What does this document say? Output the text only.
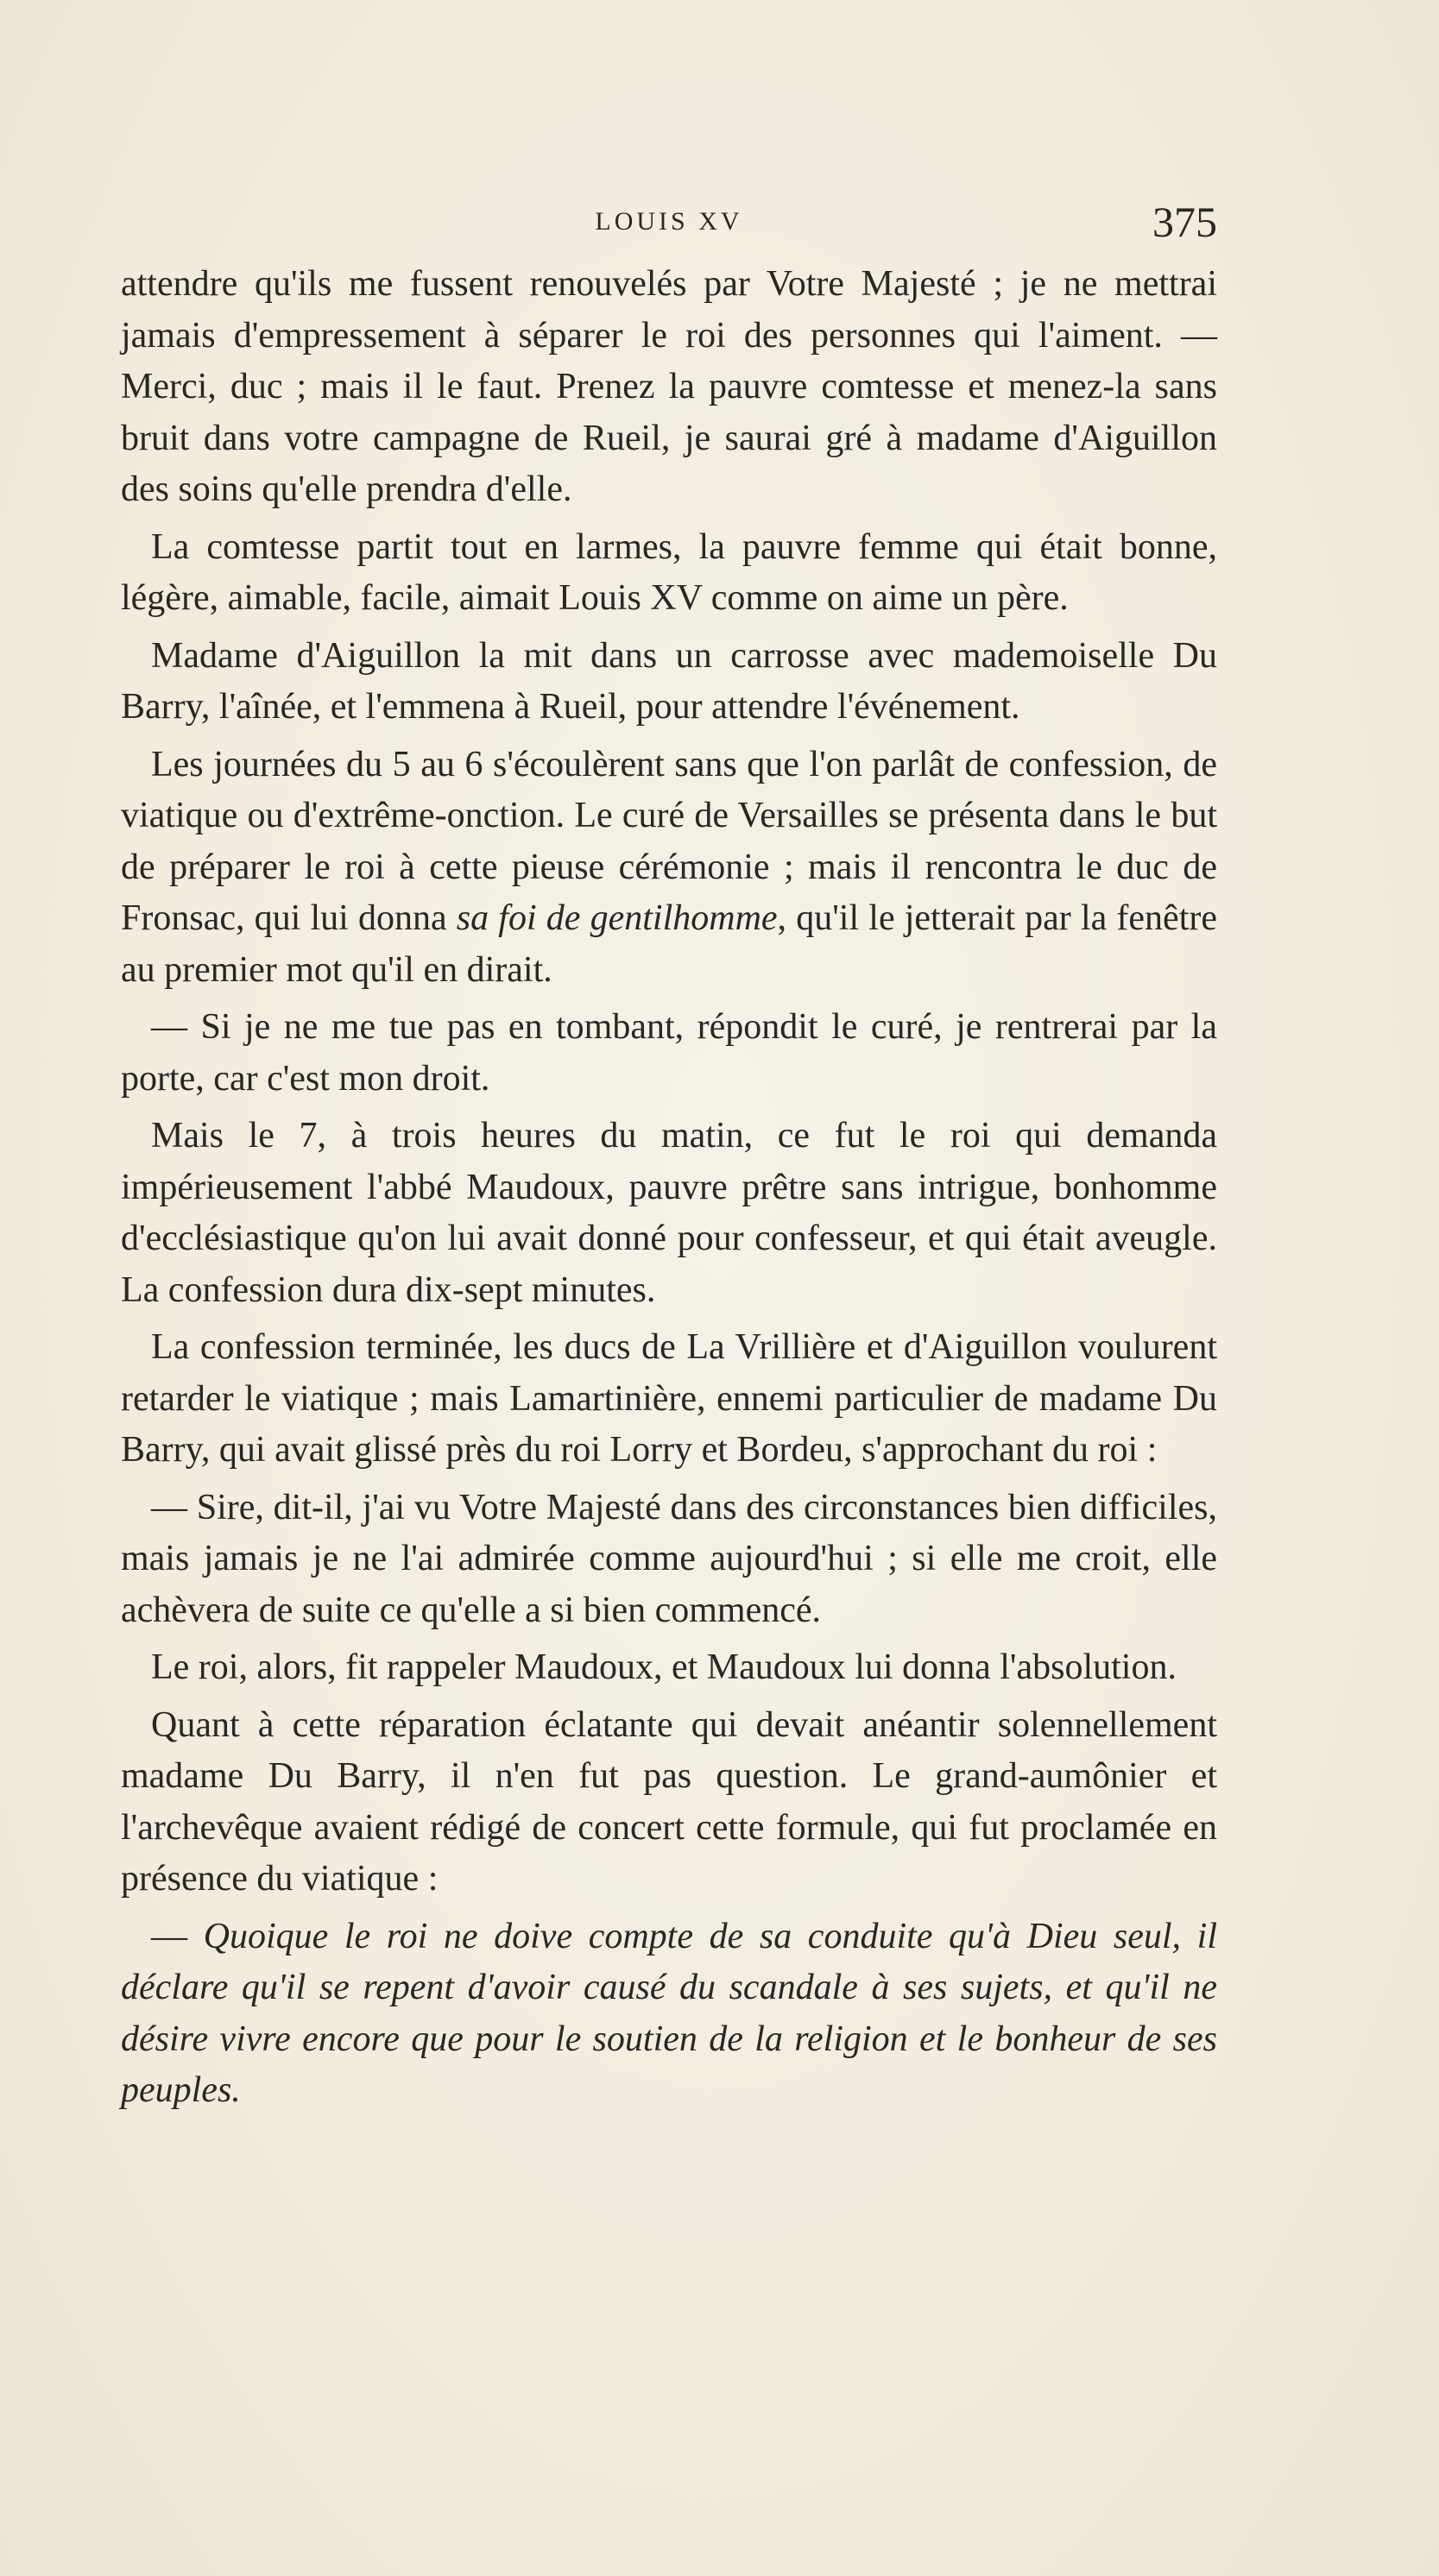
LOUIS XV	375

attendre qu'ils me fussent renouvelés par Votre Majesté ; je ne mettrai jamais d'empressement à séparer le roi des personnes qui l'aiment. — Merci, duc ; mais il le faut. Prenez la pauvre comtesse et menez-la sans bruit dans votre campagne de Rueil, je saurai gré à madame d'Aiguillon des soins qu'elle prendra d'elle.

La comtesse partit tout en larmes, la pauvre femme qui était bonne, légère, aimable, facile, aimait Louis XV comme on aime un père.

Madame d'Aiguillon la mit dans un carrosse avec mademoiselle Du Barry, l'aînée, et l'emmena à Rueil, pour attendre l'événement.

Les journées du 5 au 6 s'écoulèrent sans que l'on parlât de confession, de viatique ou d'extrême-onction. Le curé de Versailles se présenta dans le but de préparer le roi à cette pieuse cérémonie ; mais il rencontra le duc de Fronsac, qui lui donna sa foi de gentilhomme, qu'il le jetterait par la fenêtre au premier mot qu'il en dirait.

— Si je ne me tue pas en tombant, répondit le curé, je rentrerai par la porte, car c'est mon droit.

Mais le 7, à trois heures du matin, ce fut le roi qui demanda impérieusement l'abbé Maudoux, pauvre prêtre sans intrigue, bonhomme d'ecclésiastique qu'on lui avait donné pour confesseur, et qui était aveugle. La confession dura dix-sept minutes.

La confession terminée, les ducs de La Vrillière et d'Aiguillon voulurent retarder le viatique ; mais Lamartinière, ennemi particulier de madame Du Barry, qui avait glissé près du roi Lorry et Bordeu, s'approchant du roi :

— Sire, dit-il, j'ai vu Votre Majesté dans des circonstances bien difficiles, mais jamais je ne l'ai admirée comme aujourd'hui ; si elle me croit, elle achèvera de suite ce qu'elle a si bien commencé.

Le roi, alors, fit rappeler Maudoux, et Maudoux lui donna l'absolution.

Quant à cette réparation éclatante qui devait anéantir solennellement madame Du Barry, il n'en fut pas question. Le grand-aumônier et l'archevêque avaient rédigé de concert cette formule, qui fut proclamée en présence du viatique :

— Quoique le roi ne doive compte de sa conduite qu'à Dieu seul, il déclare qu'il se repent d'avoir causé du scandale à ses sujets, et qu'il ne désire vivre encore que pour le soutien de la religion et le bonheur de ses peuples.
